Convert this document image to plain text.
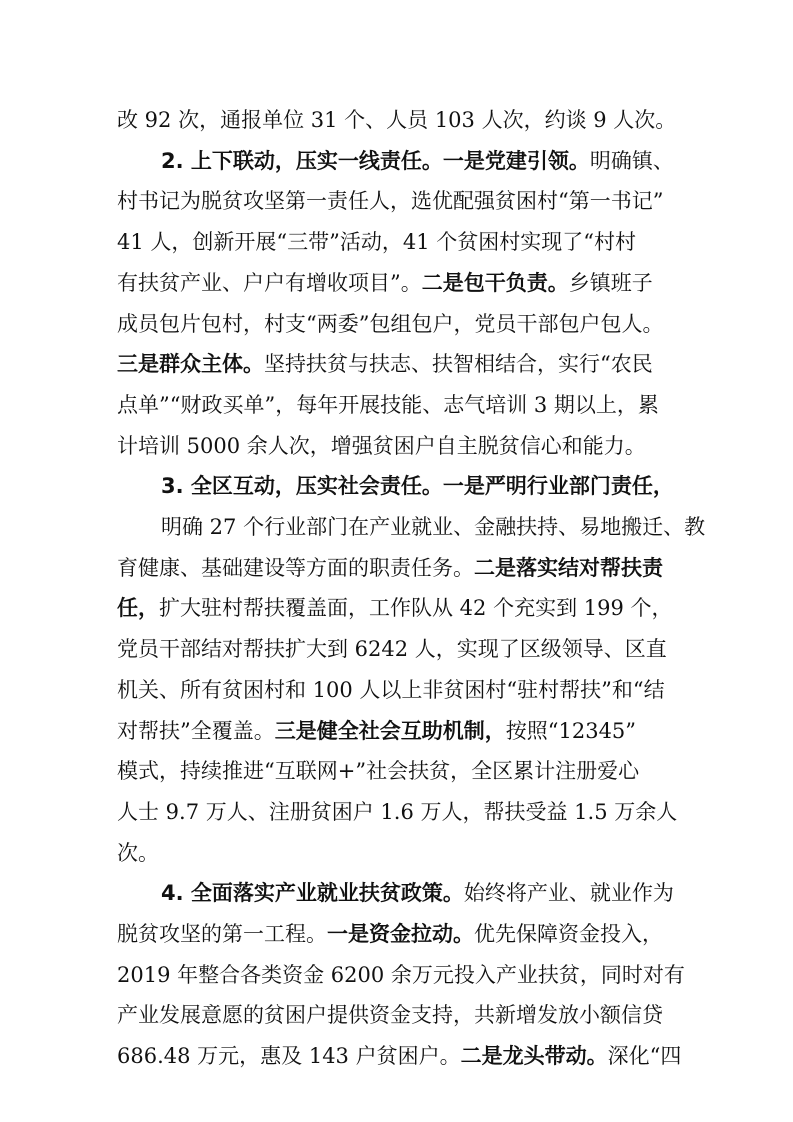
改 92 次，通报单位 31 个、人员 103 人次，约谈 9 人次。
2. 上下联动，压实一线责任。一是党建引领。明确镇、
村书记为脱贫攻坚第一责任人，选优配强贫困村“第一书记”
41 人，创新开展“三带”活动，41 个贫困村实现了“村村
有扶贫产业、户户有增收项目”。二是包干负责。乡镇班子
成员包片包村，村支“两委”包组包户，党员干部包户包人。
三是群众主体。坚持扶贫与扶志、扶智相结合，实行“农民
点单”“财政买单”，每年开展技能、志气培训 3 期以上，累
计培训 5000 余人次，增强贫困户自主脱贫信心和能力。
3. 全区互动，压实社会责任。一是严明行业部门责任，
明确 27 个行业部门在产业就业、金融扶持、易地搬迁、教
育健康、基础建设等方面的职责任务。二是落实结对帮扶责
任，扩大驻村帮扶覆盖面，工作队从 42 个充实到 199 个，
党员干部结对帮扶扩大到 6242 人，实现了区级领导、区直
机关、所有贫困村和 100 人以上非贫困村“驻村帮扶”和“结
对帮扶”全覆盖。三是健全社会互助机制，按照“12345”
模式，持续推进“互联网+”社会扶贫，全区累计注册爱心
人士 9.7 万人、注册贫困户 1.6 万人，帮扶受益 1.5 万余人
次。
4. 全面落实产业就业扶贫政策。始终将产业、就业作为
脱贫攻坚的第一工程。一是资金拉动。优先保障资金投入，
2019 年整合各类资金 6200 余万元投入产业扶贫，同时对有
产业发展意愿的贫困户提供资金支持，共新增发放小额信贷
686.48 万元，惠及 143 户贫困户。二是龙头带动。深化“四
